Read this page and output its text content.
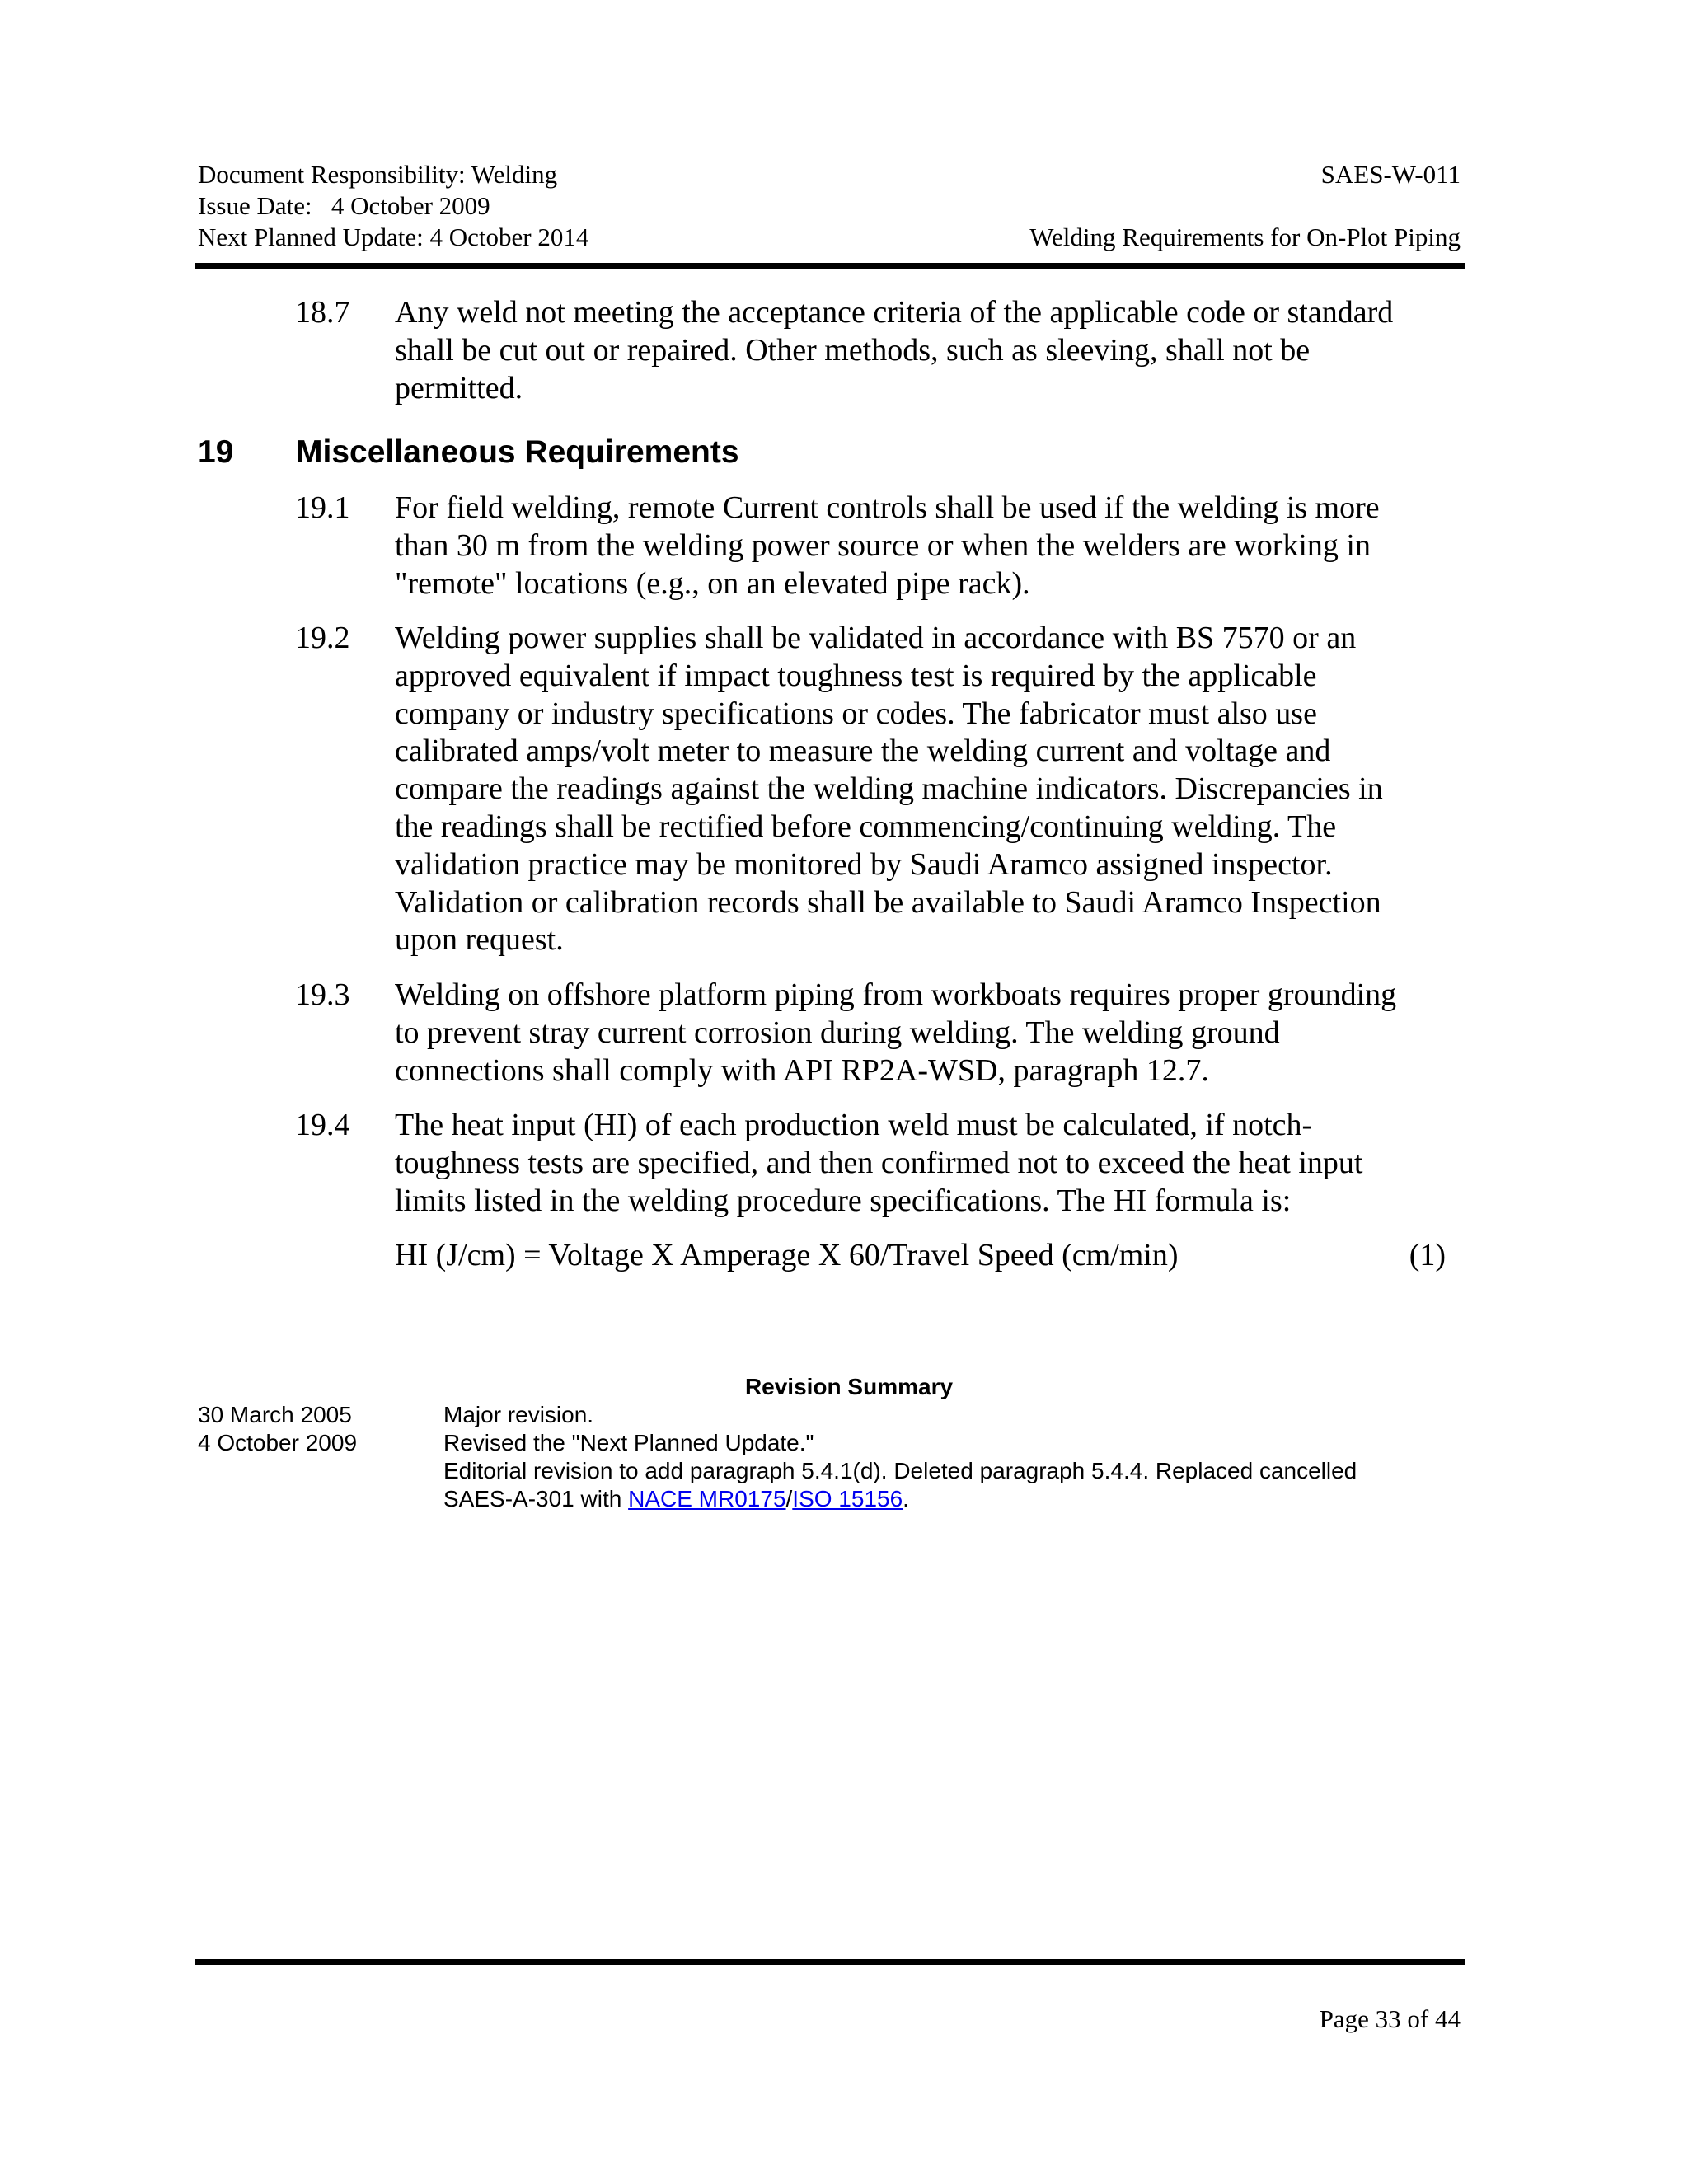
Document Responsibility: Welding
Issue Date:   4 October 2009
Next Planned Update: 4 October 2014
SAES-W-011
Welding Requirements for On-Plot Piping
18.7	Any weld not meeting the acceptance criteria of the applicable code or standard
shall be cut out or repaired. Other methods, such as sleeving, shall not be
permitted.
19 Miscellaneous Requirements
19.1	For field welding, remote Current controls shall be used if the welding is more
than 30 m from the welding power source or when the welders are working in
"remote" locations (e.g., on an elevated pipe rack).
19.2	Welding power supplies shall be validated in accordance with BS 7570 or an
approved equivalent if impact toughness test is required by the applicable
company or industry specifications or codes. The fabricator must also use
calibrated amps/volt meter to measure the welding current and voltage and
compare the readings against the welding machine indicators. Discrepancies in
the readings shall be rectified before commencing/continuing welding. The
validation practice may be monitored by Saudi Aramco assigned inspector.
Validation or calibration records shall be available to Saudi Aramco Inspection
upon request.
19.3	Welding on offshore platform piping from workboats requires proper grounding
to prevent stray current corrosion during welding. The welding ground
connections shall comply with API RP2A-WSD, paragraph 12.7.
19.4	The heat input (HI) of each production weld must be calculated, if notch-
toughness tests are specified, and then confirmed not to exceed the heat input
limits listed in the welding procedure specifications. The HI formula is:
HI (J/cm) = Voltage X Amperage X 60/Travel Speed (cm/min)	(1)
Revision Summary
30 March 2005	Major revision.
4 October 2009	Revised the "Next Planned Update."
Editorial revision to add paragraph 5.4.1(d). Deleted paragraph 5.4.4. Replaced cancelled
SAES-A-301 with NACE MR0175/ISO 15156.
Page 33 of 44
